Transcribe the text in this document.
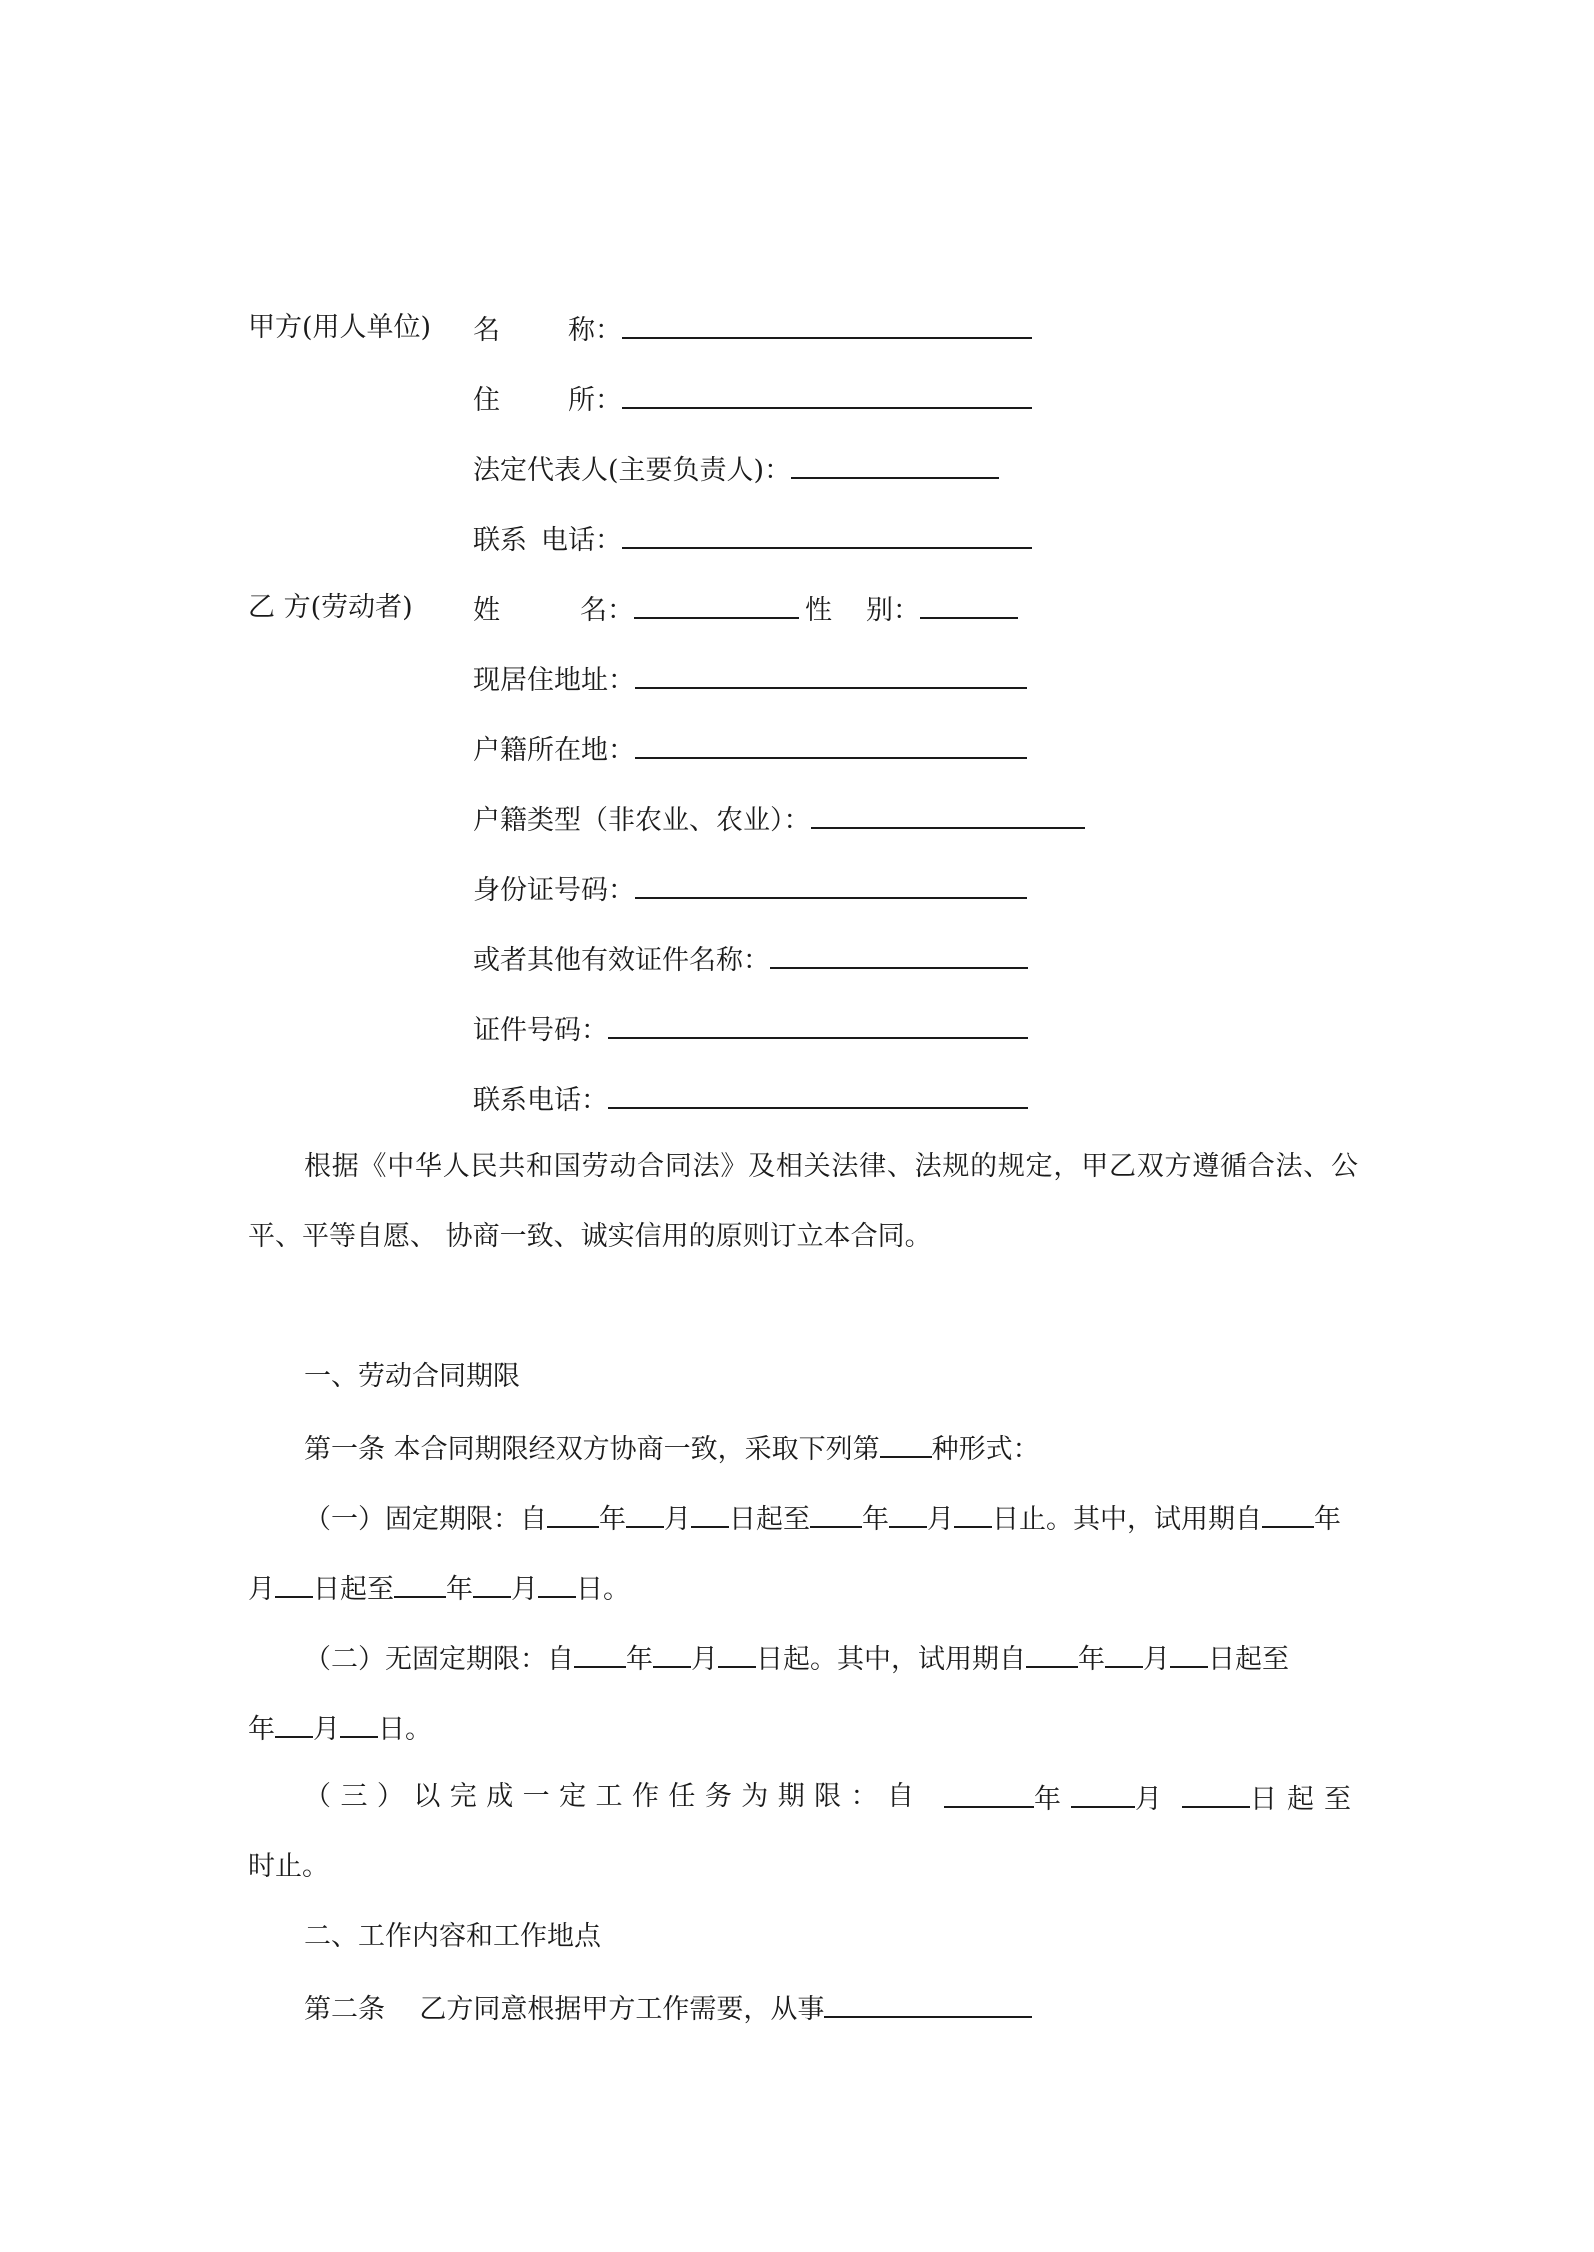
甲方(用人单位) 名	称：
住	所：
法定代表人(主要负责人)：
联系 电话：
乙 方(劳动者) 姓	名：	性 别：
现居住地址：
户籍所在地：
户籍类型（非农业、农业）：
身份证号码：
或者其他有效证件名称：
证件号码：
联系电话：
根据《中华人民共和国劳动合同法》及相关法律、法规的规定，甲乙双方遵循合法、公
平、平等自愿、 协商一致、诚实信用的原则订立本合同。
一、劳动合同期限
第一条 本合同期限经双方协商一致，采取下列第 种形式：
（一）固定期限：自 年 月 日起至 年 月 日止。其中，试用期自 年
月 日起至 年 月 日。
（二）无固定期限：自 年 月 日起。其中，试用期自 年 月 日起至
年 月 日。
（ 三 ） 以 完 成 一 定 工 作 任 务 为 期 限 ： 自	年	月	日起至
时止。
二、工作内容和工作地点
第二条    乙方同意根据甲方工作需要，从事
